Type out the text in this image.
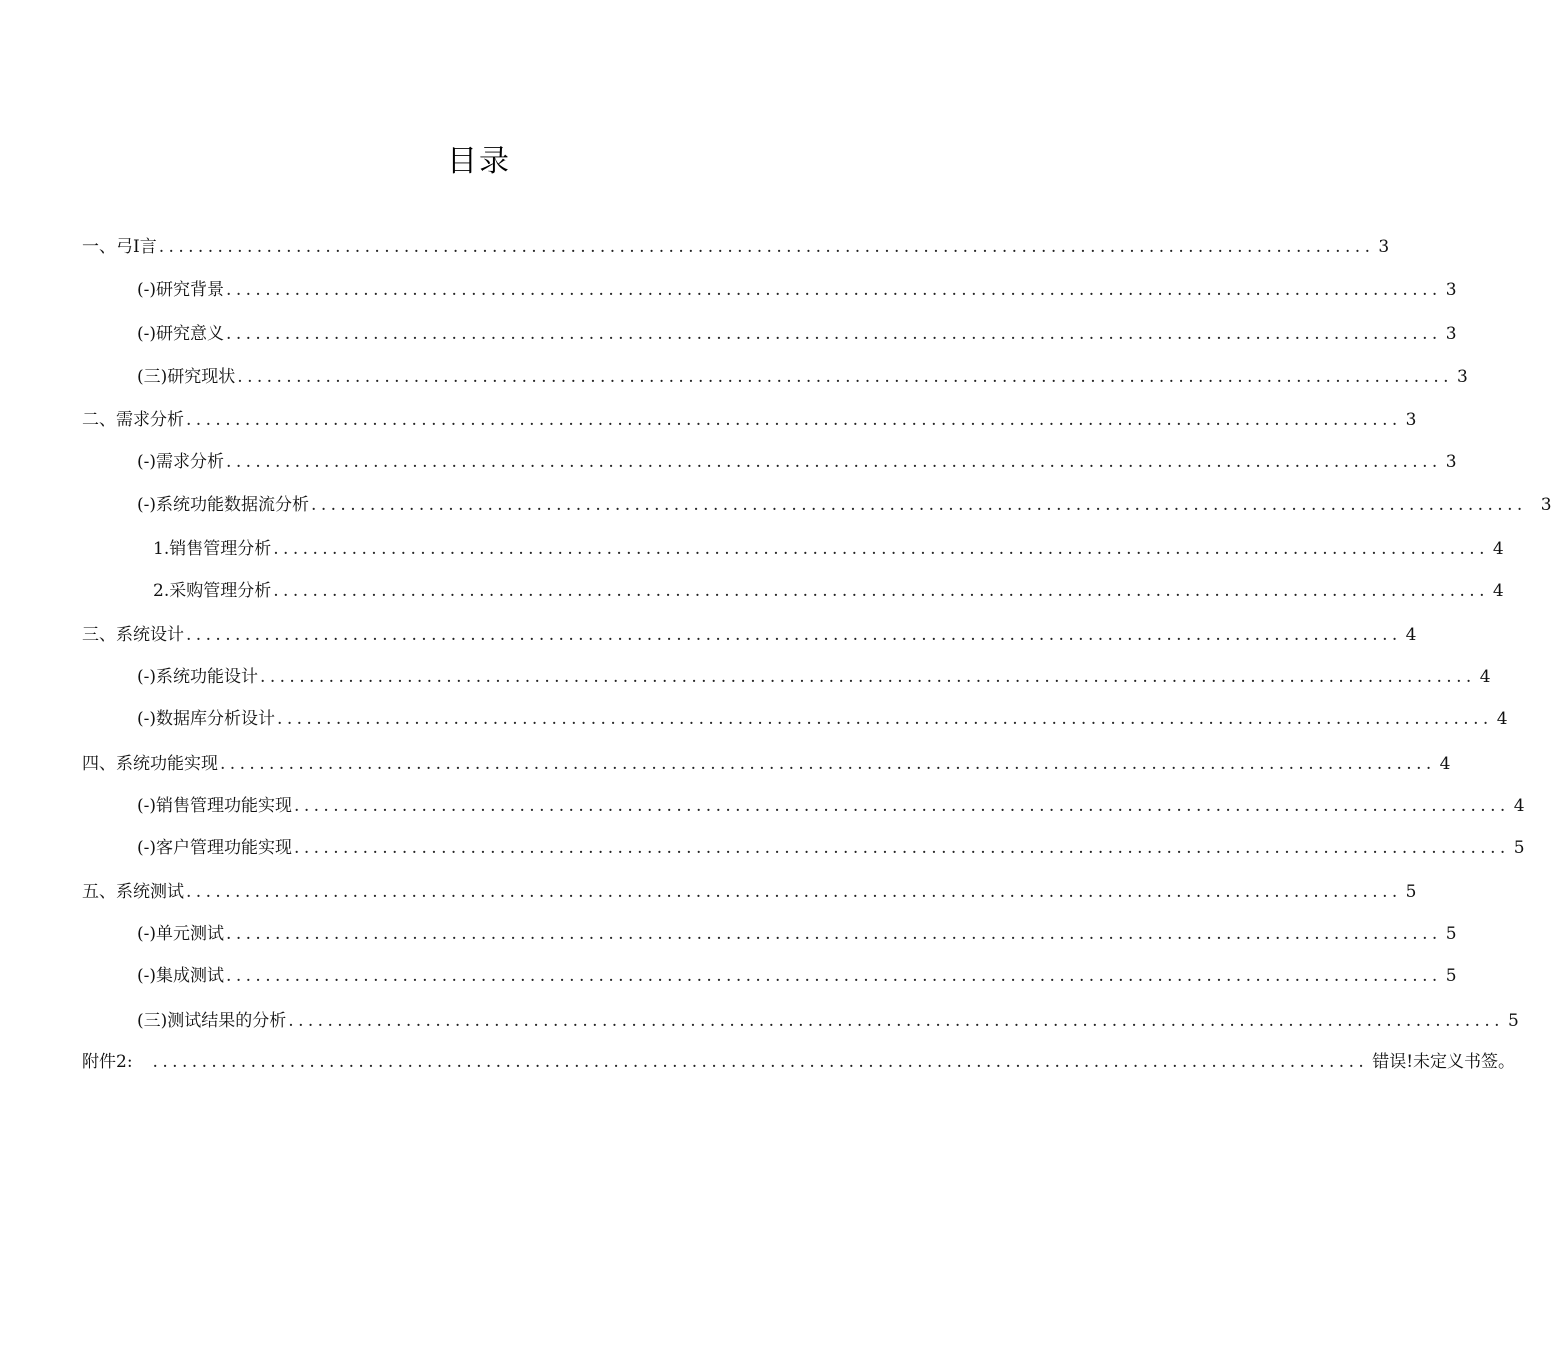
目录
一、 弓I言 ............................................................................................................................ 3
(-) 研究背景 ............................................................................................................................ 3
(-) 研究意义 ............................................................................................................................ 3
(三) 研究现状 ............................................................................................................................ 3
二、 需求分析 ............................................................................................................................ 3
(-) 需求分析 ............................................................................................................................ 3
(-) 系统功能数据流分析 ............................................................................................................................ 3
1. 销售管理分析 ............................................................................................................................ 4
2. 采购管理分析 ............................................................................................................................ 4
三、 系统设计 ............................................................................................................................ 4
(-) 系统功能设计 ............................................................................................................................ 4
(-) 数据库分析设计 ............................................................................................................................ 4
四、 系统功能实现 ............................................................................................................................ 4
(-) 销售管理功能实现 ............................................................................................................................ 4
(-) 客户管理功能实现 ............................................................................................................................ 5
五、 系统测试 ............................................................................................................................ 5
(-) 单元测试 ............................................................................................................................ 5
(-) 集成测试 ............................................................................................................................ 5
(三) 测试结果的分析 ............................................................................................................................ 5
附件2: ............................................................................................................................ 错误!未定义书签。
